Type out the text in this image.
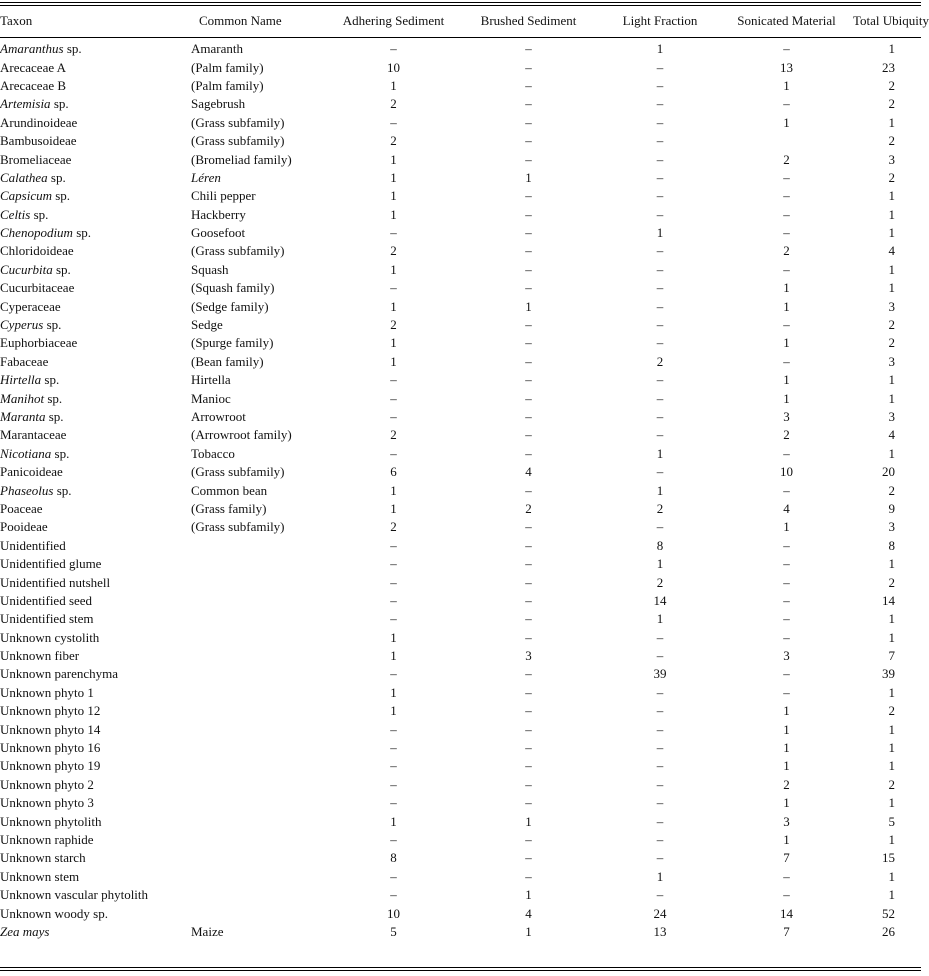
Taxon	Common Name	Adhering Sediment	Brushed Sediment	Light Fraction	Sonicated Material	Total Ubiquity
Amaranthus sp.	Amaranth	–	–	1	–	1
Arecaceae A	(Palm family)	10	–	–	13	23
Arecaceae B	(Palm family)	1	–	–	1	2
Artemisia sp.	Sagebrush	2	–	–	–	2
Arundinoideae	(Grass subfamily)	–	–	–	1	1
Bambusoideae	(Grass subfamily)	2	–	–		2
Bromeliaceae	(Bromeliad family)	1	–	–	2	3
Calathea sp.	Léren	1	1	–	–	2
Capsicum sp.	Chili pepper	1	–	–	–	1
Celtis sp.	Hackberry	1	–	–	–	1
Chenopodium sp.	Goosefoot	–	–	1	–	1
Chloridoideae	(Grass subfamily)	2	–	–	2	4
Cucurbita sp.	Squash	1	–	–	–	1
Cucurbitaceae	(Squash family)	–	–	–	1	1
Cyperaceae	(Sedge family)	1	1	–	1	3
Cyperus sp.	Sedge	2	–	–	–	2
Euphorbiaceae	(Spurge family)	1	–	–	1	2
Fabaceae	(Bean family)	1	–	2	–	3
Hirtella sp.	Hirtella	–	–	–	1	1
Manihot sp.	Manioc	–	–	–	1	1
Maranta sp.	Arrowroot	–	–	–	3	3
Marantaceae	(Arrowroot family)	2	–	–	2	4
Nicotiana sp.	Tobacco	–	–	1	–	1
Panicoideae	(Grass subfamily)	6	4	–	10	20
Phaseolus sp.	Common bean	1	–	1	–	2
Poaceae	(Grass family)	1	2	2	4	9
Pooideae	(Grass subfamily)	2	–	–	1	3
Unidentified		–	–	8	–	8
Unidentified glume		–	–	1	–	1
Unidentified nutshell		–	–	2	–	2
Unidentified seed		–	–	14	–	14
Unidentified stem		–	–	1	–	1
Unknown cystolith		1	–	–	–	1
Unknown fiber		1	3	–	3	7
Unknown parenchyma		–	–	39	–	39
Unknown phyto 1		1	–	–	–	1
Unknown phyto 12		1	–	–	1	2
Unknown phyto 14		–	–	–	1	1
Unknown phyto 16		–	–	–	1	1
Unknown phyto 19		–	–	–	1	1
Unknown phyto 2		–	–	–	2	2
Unknown phyto 3		–	–	–	1	1
Unknown phytolith		1	1	–	3	5
Unknown raphide		–	–	–	1	1
Unknown starch		8	–	–	7	15
Unknown stem		–	–	1	–	1
Unknown vascular phytolith		–	1	–	–	1
Unknown woody sp.		10	4	24	14	52
Zea mays	Maize	5	1	13	7	26
